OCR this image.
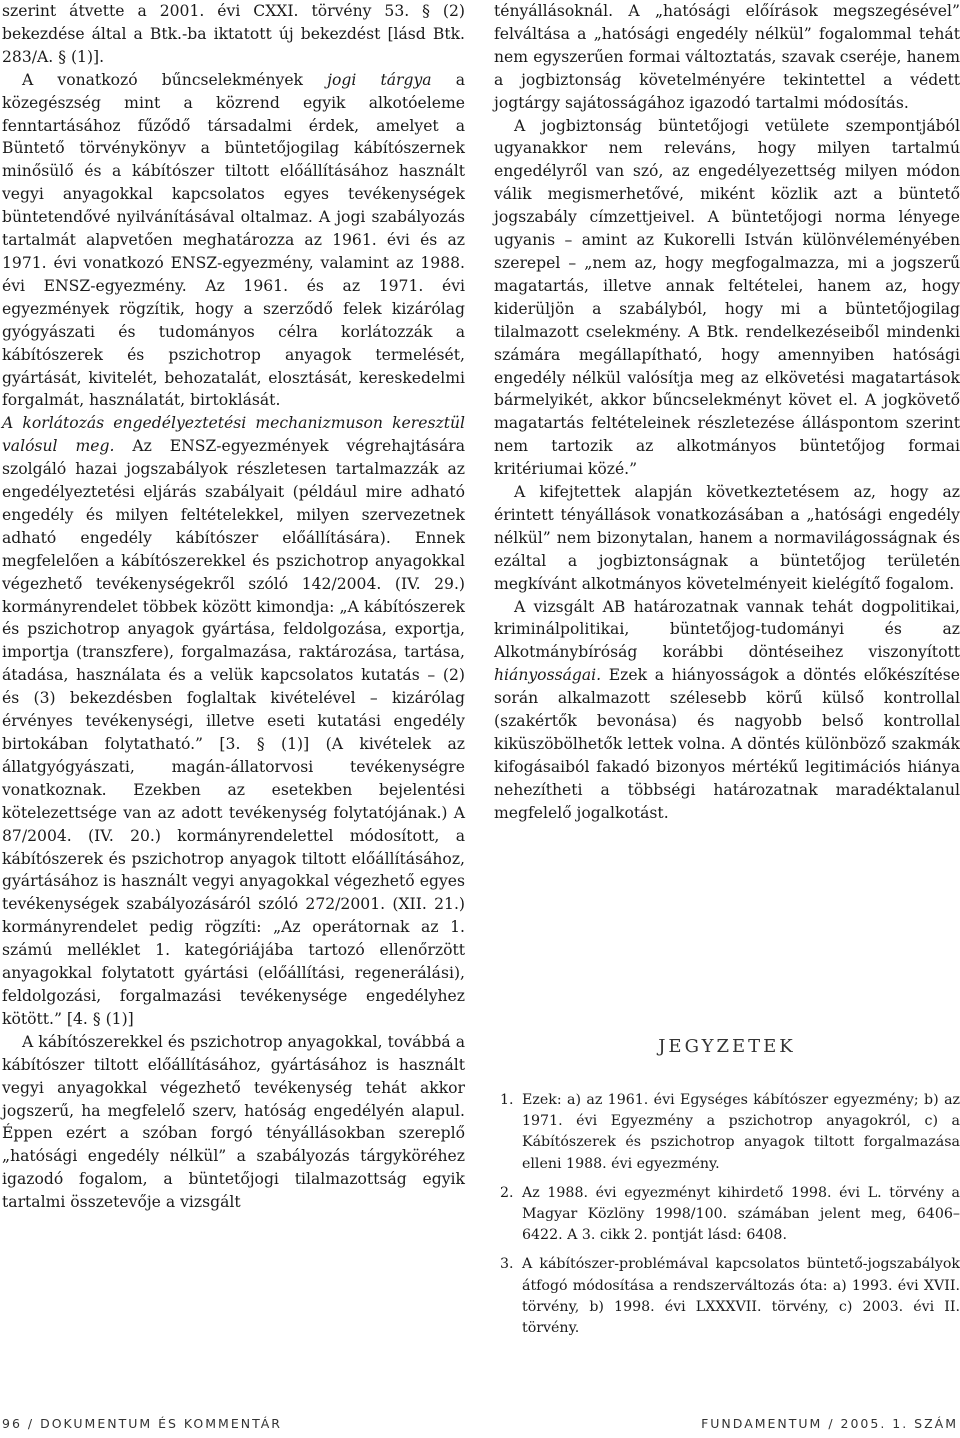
szerint átvette a 2001. évi CXXI. törvény 53. § (2) bekezdése által a Btk.-ba iktatott új bekezdést [lásd Btk. 283/A. § (1)].

A vonatkozó bűncselekmények jogi tárgya a közegészség mint a közrend egyik alkotóeleme fenntartásához fűződő társadalmi érdek, amelyet a Büntető törvénykönyv a büntetőjogilag kábítószernek minősülő és a kábítószer tiltott előállításához használt vegyi anyagokkal kapcsolatos egyes tevékenységek büntetendővé nyilvánításával oltalmaz. A jogi szabályozás tartalmát alapvetően meghatározza az 1961. évi és az 1971. évi vonatkozó ENSZ-egyezmény, valamint az 1988. évi ENSZ-egyezmény. Az 1961. és az 1971. évi egyezmények rögzítik, hogy a szerződő felek kizárólag gyógyászati és tudományos célra korlátozzák a kábítószerek és pszichotrop anyagok termelését, gyártását, kivitelét, behozatalát, elosztását, kereskedelmi forgalmát, használatát, birtoklását.

A korlátozás engedélyeztetési mechanizmuson keresztül valósul meg. Az ENSZ-egyezmények végrehajtására szolgáló hazai jogszabályok részletesen tartalmazzák az engedélyeztetési eljárás szabályait (például mire adható engedély és milyen feltételekkel, milyen szervezetnek adható engedély kábítószer előállítására). Ennek megfelelően a kábítószerekkel és pszichotrop anyagokkal végezhető tevékenységekről szóló 142/2004. (IV. 29.) kormányrendelet többek között kimondja: „A kábítószerek és pszichotrop anyagok gyártása, feldolgozása, exportja, importja (transzfere), forgalmazása, raktározása, tartása, átadása, használata és a velük kapcsolatos kutatás – (2) és (3) bekezdésben foglaltak kivételével – kizárólag érvényes tevékenységi, illetve eseti kutatási engedély birtokában folytatható.” [3. § (1)] (A kivételek az állatgyógyászati, magán-állatorvosi tevékenységre vonatkoznak. Ezekben az esetekben bejelentési kötelezettsége van az adott tevékenység folytatójának.) A 87/2004. (IV. 20.) kormányrendelettel módosított, a kábítószerek és pszichotrop anyagok tiltott előállításához, gyártásához is használt vegyi anyagokkal végezhető egyes tevékenységek szabályozásáról szóló 272/2001. (XII. 21.) kormányrendelet pedig rögzíti: „Az operátornak az 1. számú melléklet 1. kategóriájába tartozó ellenőrzött anyagokkal folytatott gyártási (előállítási, regenerálási), feldolgozási, forgalmazási tevékenysége engedélyhez kötött.” [4. § (1)]

A kábítószerekkel és pszichotrop anyagokkal, továbbá a kábítószer tiltott előállításához, gyártásához is használt vegyi anyagokkal végezhető tevékenység tehát akkor jogszerű, ha megfelelő szerv, hatóság engedélyén alapul. Éppen ezért a szóban forgó tényállásokban szereplő „hatósági engedély nélkül” a szabályozás tárgyköréhez igazodó fogalom, a büntetőjogi tilalmazottság egyik tartalmi összetevője a vizsgált

tényállásoknál. A „hatósági előírások megszegésével” felváltása a „hatósági engedély nélkül” fogalommal tehát nem egyszerűen formai változtatás, szavak cseréje, hanem a jogbiztonság követelményére tekintettel a védett jogtárgy sajátosságához igazodó tartalmi módosítás.

A jogbiztonság büntetőjogi vetülete szempontjából ugyanakkor nem releváns, hogy milyen tartalmú engedélyről van szó, az engedélyezettség milyen módon válik megismerhetővé, miként közlik azt a büntető jogszabály címzettjeivel. A büntetőjogi norma lényege ugyanis – amint az Kukorelli István különvéleményében szerepel – „nem az, hogy megfogalmazza, mi a jogszerű magatartás, illetve annak feltételei, hanem az, hogy kiderüljön a szabályból, hogy mi a büntetőjogilag tilalmazott cselekmény. A Btk. rendelkezéseiből mindenki számára megállapítható, hogy amennyiben hatósági engedély nélkül valósítja meg az elkövetési magatartások bármelyikét, akkor bűncselekményt követ el. A jogkövető magatartás feltételeinek részletezése álláspontom szerint nem tartozik az alkotmányos büntetőjog formai kritériumai közé.”

A kifejtettek alapján következtetésem az, hogy az érintett tényállások vonatkozásában a „hatósági engedély nélkül” nem bizonytalan, hanem a normavilágosságnak és ezáltal a jogbiztonságnak a büntetőjog területén megkívánt alkotmányos követelményeit kielégítő fogalom.

A vizsgált AB határozatnak vannak tehát dogpolitikai, kriminálpolitikai, büntetőjog-tudományi és az Alkotmánybíróság korábbi döntéseihez viszonyított hiányosságai. Ezek a hiányosságok a döntés előkészítése során alkalmazott szélesebb körű külső kontrollal (szakértők bevonása) és nagyobb belső kontrollal kiküszöbölhetők lettek volna. A döntés különböző szakmák kifogásaiból fakadó bizonyos mértékű legitimációs hiánya nehezítheti a többségi határozatnak maradéktalanul megfelelő jogalkotást.

JEGYZETEK
1. Ezek: a) az 1961. évi Egységes kábítószer egyezmény; b) az 1971. évi Egyezmény a pszichotrop anyagokról, c) a Kábítószerek és pszichotrop anyagok tiltott forgalmazása elleni 1988. évi egyezmény.
2. Az 1988. évi egyezményt kihirdető 1998. évi L. törvény a Magyar Közlöny 1998/100. számában jelent meg, 6406–6422. A 3. cikk 2. pontját lásd: 6408.
3. A kábítószer-problémával kapcsolatos büntető-jogszabályok átfogó módosítása a rendszerváltozás óta: a) 1993. évi XVII. törvény, b) 1998. évi LXXXVII. törvény, c) 2003. évi II. törvény.
96 / DOKUMENTUM ÉS KOMMENTÁR	FUNDAMENTUM / 2005. 1. SZÁM
